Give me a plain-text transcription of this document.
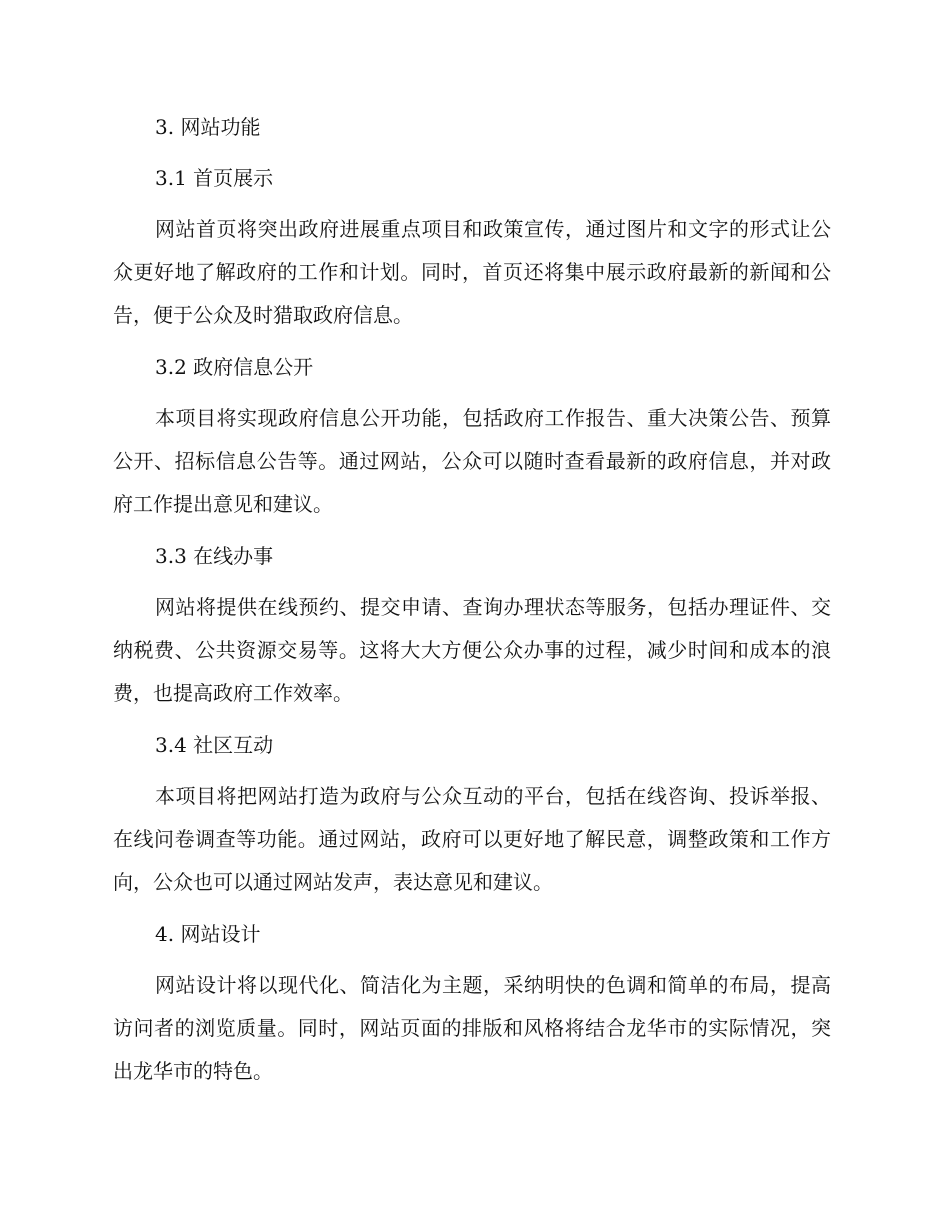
3. 网站功能
3.1 首页展示

网站首页将突出政府进展重点项目和政策宣传，通过图片和文字的形式让公众更好地了解政府的工作和计划。同时，首页还将集中展示政府最新的新闻和公告，便于公众及时猎取政府信息。

3.2 政府信息公开

本项目将实现政府信息公开功能，包括政府工作报告、重大决策公告、预算公开、招标信息公告等。通过网站，公众可以随时查看最新的政府信息，并对政府工作提出意见和建议。

3.3 在线办事

网站将提供在线预约、提交申请、查询办理状态等服务，包括办理证件、交纳税费、公共资源交易等。这将大大方便公众办事的过程，减少时间和成本的浪费，也提高政府工作效率。

3.4 社区互动

本项目将把网站打造为政府与公众互动的平台，包括在线咨询、投诉举报、在线问卷调查等功能。通过网站，政府可以更好地了解民意，调整政策和工作方向，公众也可以通过网站发声，表达意见和建议。

4. 网站设计

网站设计将以现代化、简洁化为主题，采纳明快的色调和简单的布局，提高访问者的浏览质量。同时，网站页面的排版和风格将结合龙华市的实际情况，突出龙华市的特色。
